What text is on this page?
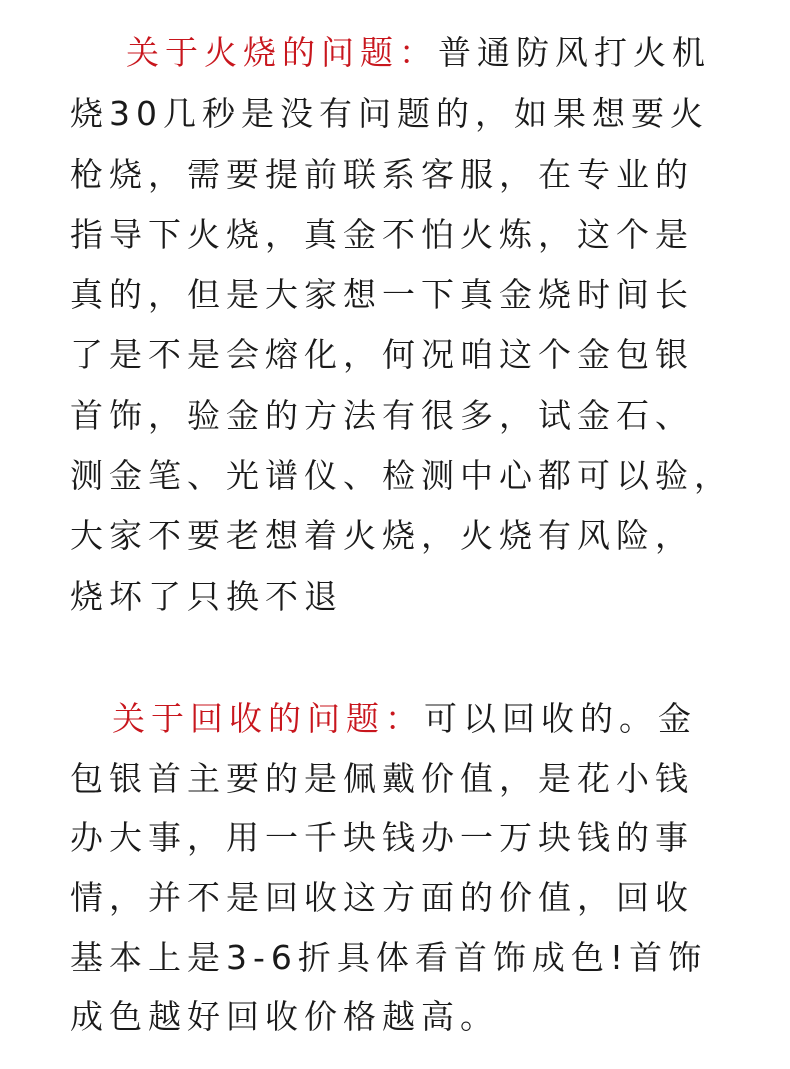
关于火烧的问题：普通防风打火机
烧30几秒是没有问题的，如果想要火
枪烧，需要提前联系客服，在专业的
指导下火烧，真金不怕火炼，这个是
真的，但是大家想一下真金烧时间长
了是不是会熔化，何况咱这个金包银
首饰，验金的方法有很多，试金石、
测金笔、光谱仪、检测中心都可以验，
大家不要老想着火烧，火烧有风险，
烧坏了只换不退
关于回收的问题：可以回收的。金
包银首主要的是佩戴价值，是花小钱
办大事，用一千块钱办一万块钱的事
情，并不是回收这方面的价值，回收
基本上是3-6折具体看首饰成色!首饰
成色越好回收价格越高。
